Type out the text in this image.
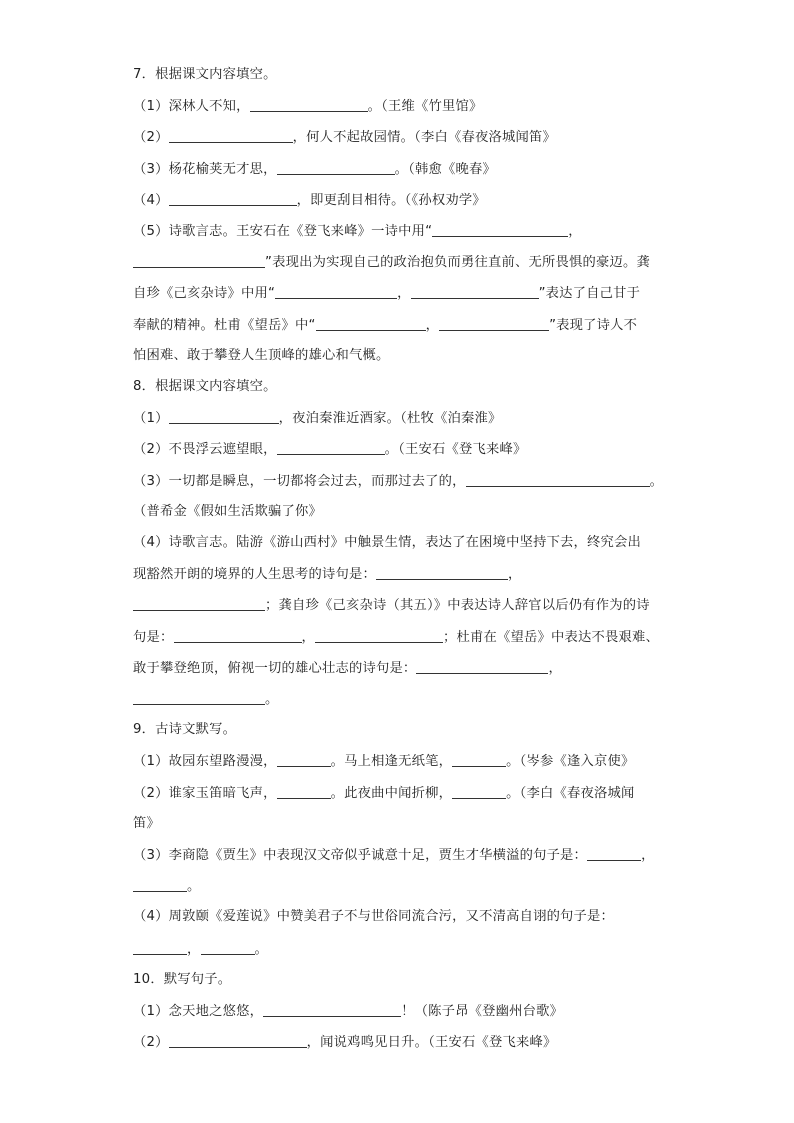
7．根据课文内容填空。
（1）深林人不知，	。（王维《竹里馆》
（2）	，何人不起故园情。（李白《春夜洛城闻笛》
（3）杨花榆荚无才思，	。（韩愈《晚春》
（4）	，即更刮目相待。（《孙权劝学》
（5）诗歌言志。王安石在《登飞来峰》一诗中用“	，
”表现出为实现自己的政治抱负而勇往直前、无所畏惧的豪迈。龚
自珍《己亥杂诗》中用“	，	”表达了自己甘于
奉献的精神。杜甫《望岳》中“	，	”表现了诗人不
怕困难、敢于攀登人生顶峰的雄心和气概。
8．根据课文内容填空。
（1）	，夜泊秦淮近酒家。（杜牧《泊秦淮》
（2）不畏浮云遮望眼，	。（王安石《登飞来峰》
（3）一切都是瞬息，一切都将会过去，而那过去了的，	。
（普希金《假如生活欺骗了你》
（4）诗歌言志。陆游《游山西村》中触景生情，表达了在困境中坚持下去，终究会出
现豁然开朗的境界的人生思考的诗句是：	，
；龚自珍《己亥杂诗（其五）》中表达诗人辞官以后仍有作为的诗
句是：	，	；杜甫在《望岳》中表达不畏艰难、
敢于攀登绝顶，俯视一切的雄心壮志的诗句是：	，
。
9．古诗文默写。
（1）故园东望路漫漫，	。马上相逢无纸笔，	。（岑参《逢入京使》
（2）谁家玉笛暗飞声，	。此夜曲中闻折柳，	。（李白《春夜洛城闻
笛》
（3）李商隐《贾生》中表现汉文帝似乎诚意十足，贾生才华横溢的句子是：	，
。
（4）周敦颐《爱莲说》中赞美君子不与世俗同流合污，又不清高自诩的句子是：
，	。
10．默写句子。
（1）念天地之悠悠，	！（陈子昂《登幽州台歌》
（2）	，闻说鸡鸣见日升。（王安石《登飞来峰》
